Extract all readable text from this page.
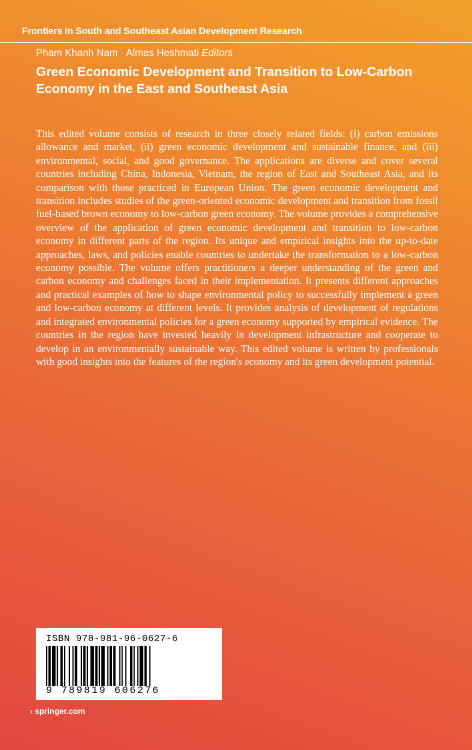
Frontiers in South and Southeast Asian Development Research
Pham Khanh Nam · Almas Heshmati Editors
Green Economic Development and Transition to Low-Carbon
Economy in the East and Southeast Asia

This edited volume consists of research in three closely related fields: (i) carbon emissions allowance and market, (ii) green economic development and sustainable finance, and (iii) environmental, social, and good governance. The applications are diverse and cover several countries including China, Indonesia, Vietnam, the region of East and Southeast Asia, and its comparison with those practiced in European Union. The green economic development and transition includes studies of the green-oriented economic development and transition from fossil fuel-based brown economy to low-carbon green economy. The volume provides a comprehensive overview of the application of green economic development and transition to low-carbon economy in different parts of the region. Its unique and empirical insights into the up-to-date approaches, laws, and policies enable countries to undertake the transformation to a low-carbon economy possible. The volume offers practitioners a deeper understanding of the green and carbon economy and challenges faced in their implementation. It presents different approaches and practical examples of how to shape environmental policy to successfully implement a green and low-carbon economy at different levels. It provides analysis of development of regulations and integrated environmental policies for a green economy supported by empirical evidence. The countries in the region have invested heavily in development infrastructure and cooperate to develop in an environmentally sustainable way. This edited volume is written by professionals with good insights into the features of the region's economy and its green development potential.

ISBN 978-981-96-0627-6
9 789819 606276
› springer.com
